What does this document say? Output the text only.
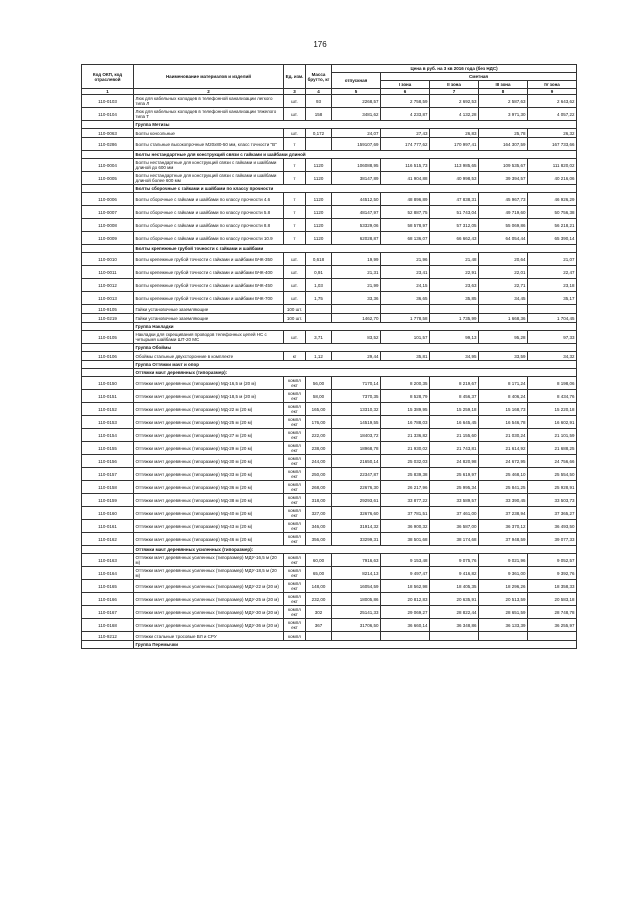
176
Код ОКП, код отраслевой	Наименование материалов и изделий	Ед. изм.	Масса брутто, кг	Цена в руб. на 3 кв 2016 года (без НДС)				
				отпускная	Сметная			
					I зона	II зона	III зона	IV зона
1	2	3	4	5	6	7	8	9
110-0103	Люк для кабельных колодцев в телефонной канализации легкого типа Л	шт.	93	2268,57	2 758,59	2 692,53	2 587,63	2 643,62
110-0104	Люк для кабельных колодцев в телефонной канализации тяжелого типа Т	шт.	158	3481,62	4 233,87	4 132,28	3 971,30	4 057,22
	Группа Метизы							
110-0063	Болты консольные	шт.	0,172	24,07	27,43	26,83	25,78	26,32
110-0286	Болты стальные высокопрочные М20х80-50 мм, класс точности "В"	т		159107,69	174 777,62	170 997,41	164 307,59	167 733,66
	Болты нестандартные для конструкций связи с гайками и шайбами длиной							
110-0004	Болты нестандартные для конструкций связи с гайками и шайбами длиной до 600 мм	т	1120	106088,95	116 515,73	113 985,65	109 535,67	111 820,02
110-0005	Болты нестандартные для конструкций связи с гайками и шайбами длиной более 600 мм	т	1120	38147,89	41 904,88	40 998,53	39 394,57	40 216,06
	Болты сборочные с гайками и шайбами по классу прочности							
110-0006	Болты сборочные с гайками и шайбами по классу прочности 4.6	т	1120	44512,50	48 896,89	47 838,31	45 967,73	46 926,29
110-0007	Болты сборочные с гайками и шайбами по классу прочности 5.8	т	1120	48147,97	52 887,75	51 743,04	49 719,60	50 756,38
110-0008	Болты сборочные с гайками и шайбами по классу прочности 8.8	т	1120	53329,06	58 578,97	57 312,05	55 069,86	56 218,21
110-0009	Болты сборочные с гайками и шайбами по классу прочности 10.9	т	1120	62028,87	68 136,07	66 662,43	64 054,44	65 390,14
	Болты крепежные грубой точности с гайками и шайбами							
110-0010	Болты крепежные грубой точности с гайками и шайбами БЧК-350	шт.	0,618	19,99	21,96	21,48	20,64	21,07
110-0011	Болты крепежные грубой точности с гайками и шайбами БЧК-400	шт.	0,91	21,31	23,41	22,91	22,01	22,47
110-0012	Болты крепежные грубой точности с гайками и шайбами БЧК-450	шт.	1,03	21,99	24,15	23,63	22,71	23,18
110-0013	Болты крепежные грубой точности с гайками и шайбами БЧК-700	шт.	1,75	33,36	36,65	35,85	34,45	35,17
110-9105	Гайки установочные заземляющие	100 шт.						
110-0219	Гайки установочные заземляющие	100 шт.		1462,70	1 778,58	1 735,99	1 668,36	1 704,45
	Группа Накладки							
110-0105	Накладки для скрещивания проводов телефонных цепей НС с четырьмя шайбами ШТ-20 МС	шт.	3,71	83,52	101,57	99,13	95,28	97,33
	Группа Обоймы							
110-0106	Обоймы стальные двухсторонние в комплекте	кг	1,12	29,44	35,81	34,95	33,59	34,32
	Группа Оттяжки мачт и опор							
	Оттяжки мачт деревянных (типоразмер):							
110-0150	Оттяжки мачт деревянных (типоразмер) МД-16,5 м (20 м)	компл ект	56,00	7170,14	8 200,35	8 219,67	8 171,24	8 198,06
110-0151	Оттяжки мачт деревянных (типоразмер) МД-18,5 м (20 м)	компл ект	58,00	7370,35	8 528,79	8 456,37	8 406,24	8 434,76
110-0152	Оттяжки мачт деревянных (типоразмер) МД-22 м (20 м)	компл ект	165,00	13310,32	15 389,95	15 259,18	15 168,73	15 220,18
110-0153	Оттяжки мачт деревянных (типоразмер) МД-25 м (20 м)	компл ект	176,00	14519,55	16 788,03	16 645,45	16 546,78	16 602,91
110-0154	Оттяжки мачт деревянных (типоразмер) МД-27 м (20 м)	компл ект	222,00	18403,72	21 336,82	21 155,60	21 030,24	21 101,59
110-0155	Оттяжки мачт деревянных (типоразмер) МД-29 м (20 м)	компл ект	238,00	18968,78	21 930,02	21 743,81	21 614,92	21 688,25
110-0156	Оттяжки мачт деревянных (типоразмер) МД-30 м (20 м)	компл ект	244,00	21650,14	25 032,03	24 820,98	24 672,95	24 756,66
110-0157	Оттяжки мачт деревянных (типоразмер) МД-33 м (20 м)	компл ект	250,00	22347,87	25 839,38	25 619,97	25 468,10	25 554,50
110-0158	Оттяжки мачт деревянных (типоразмер) МД-36 м (20 м)	компл ект	268,00	22676,30	26 217,96	25 995,34	25 841,25	25 928,91
110-0159	Оттяжки мачт деревянных (типоразмер) МД-38 м (20 м)	компл ект	318,00	29293,61	33 877,22	33 589,57	33 390,45	33 503,73
110-0160	Оттяжки мачт деревянных (типоразмер) МД-40 м (20 м)	компл ект	327,00	32676,60	37 781,51	37 461,00	37 238,94	37 365,27
110-0161	Оттяжки мачт деревянных (типоразмер) МД-43 м (20 м)	компл ект	346,00	31914,32	36 900,32	36 587,00	36 370,12	36 493,50
110-0162	Оттяжки мачт деревянных (типоразмер) МД-46 м (20 м)	компл ект	356,00	33299,31	38 501,68	38 174,68	37 948,59	39 077,33
	Оттяжки мачт деревянных усиленных (типоразмер):							
110-0163	Оттяжки мачт деревянных усиленных (типоразмер) МДУ-16,5 м (20 м)	компл ект	60,00	7916,63	9 153,48	9 075,76	9 021,96	9 052,57
110-0164	Оттяжки мачт деревянных усиленных (типоразмер) МДУ-18,5 м (20 м)	компл ект	65,00	8214,13	9 497,47	9 416,82	9 361,00	9 392,76
110-0165	Оттяжки мачт деревянных усиленных (типоразмер) МДУ-22 м (20 м)	компл ект	148,00	16054,59	18 562,98	18 405,35	18 296,26	18 358,33
110-0166	Оттяжки мачт деревянных усиленных (типоразмер) МДУ-25 м (20 м)	компл ект	232,00	18005,86	20 812,83	20 635,91	20 513,59	20 583,18
110-0167	Оттяжки мачт деревянных усиленных (типоразмер) МДУ-30 м (20 м)	компл ект	302	25141,33	29 069,27	28 822,44	28 651,59	28 748,78
110-0168	Оттяжки мачт деревянных усиленных (типоразмер) МДУ-36 м (20 м)	компл ект	367	31706,50	36 660,14	36 348,86	36 133,39	36 255,97
110-9212	Оттяжки стальные тросовые ВЛ и СРУ	компл						
	Группа Перемычки							
